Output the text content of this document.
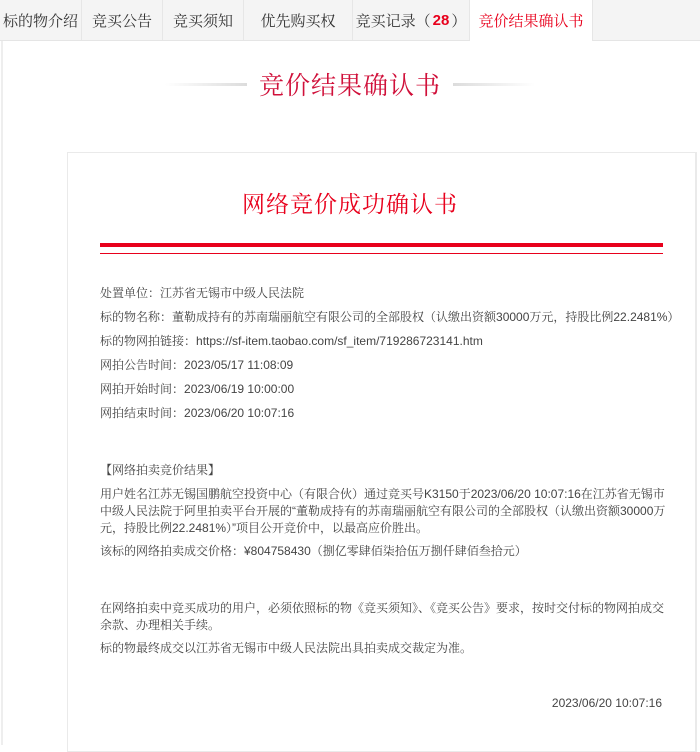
标的物介绍 竞买公告 竞买须知 优先购买权 竞买记录 （ 28 ） 竞价结果确认书
竞价结果确认书
网络竞价成功确认书
处置单位：江苏省无锡市中级人民法院
标的物名称：董勒成持有的苏南瑞丽航空有限公司的全部股权（认缴出资额30000万元，持股比例22.2481%）
标的物网拍链接：https://sf-item.taobao.com/sf_item/719286723141.htm
网拍公告时间：2023/05/17 11:08:09
网拍开始时间：2023/06/19 10:00:00
网拍结束时间：2023/06/20 10:07:16
【网络拍卖竞价结果】
用户姓名江苏无锡国鹏航空投资中心（有限合伙）通过竞买号K3150于2023/06/20 10:07:16在江苏省无锡市中级人民法院于阿里拍卖平台开展的“董勒成持有的苏南瑞丽航空有限公司的全部股权（认缴出资额30000万元，持股比例22.2481%）”项目公开竞价中，以最高应价胜出。
该标的网络拍卖成交价格：¥804758430（捌亿零肆佰柒拾伍万捌仟肆佰叁拾元）
在网络拍卖中竞买成功的用户，必须依照标的物《竞买须知》、《竞买公告》要求，按时交付标的物网拍成交余款、办理相关手续。
标的物最终成交以江苏省无锡市中级人民法院出具拍卖成交裁定为准。
2023/06/20 10:07:16
